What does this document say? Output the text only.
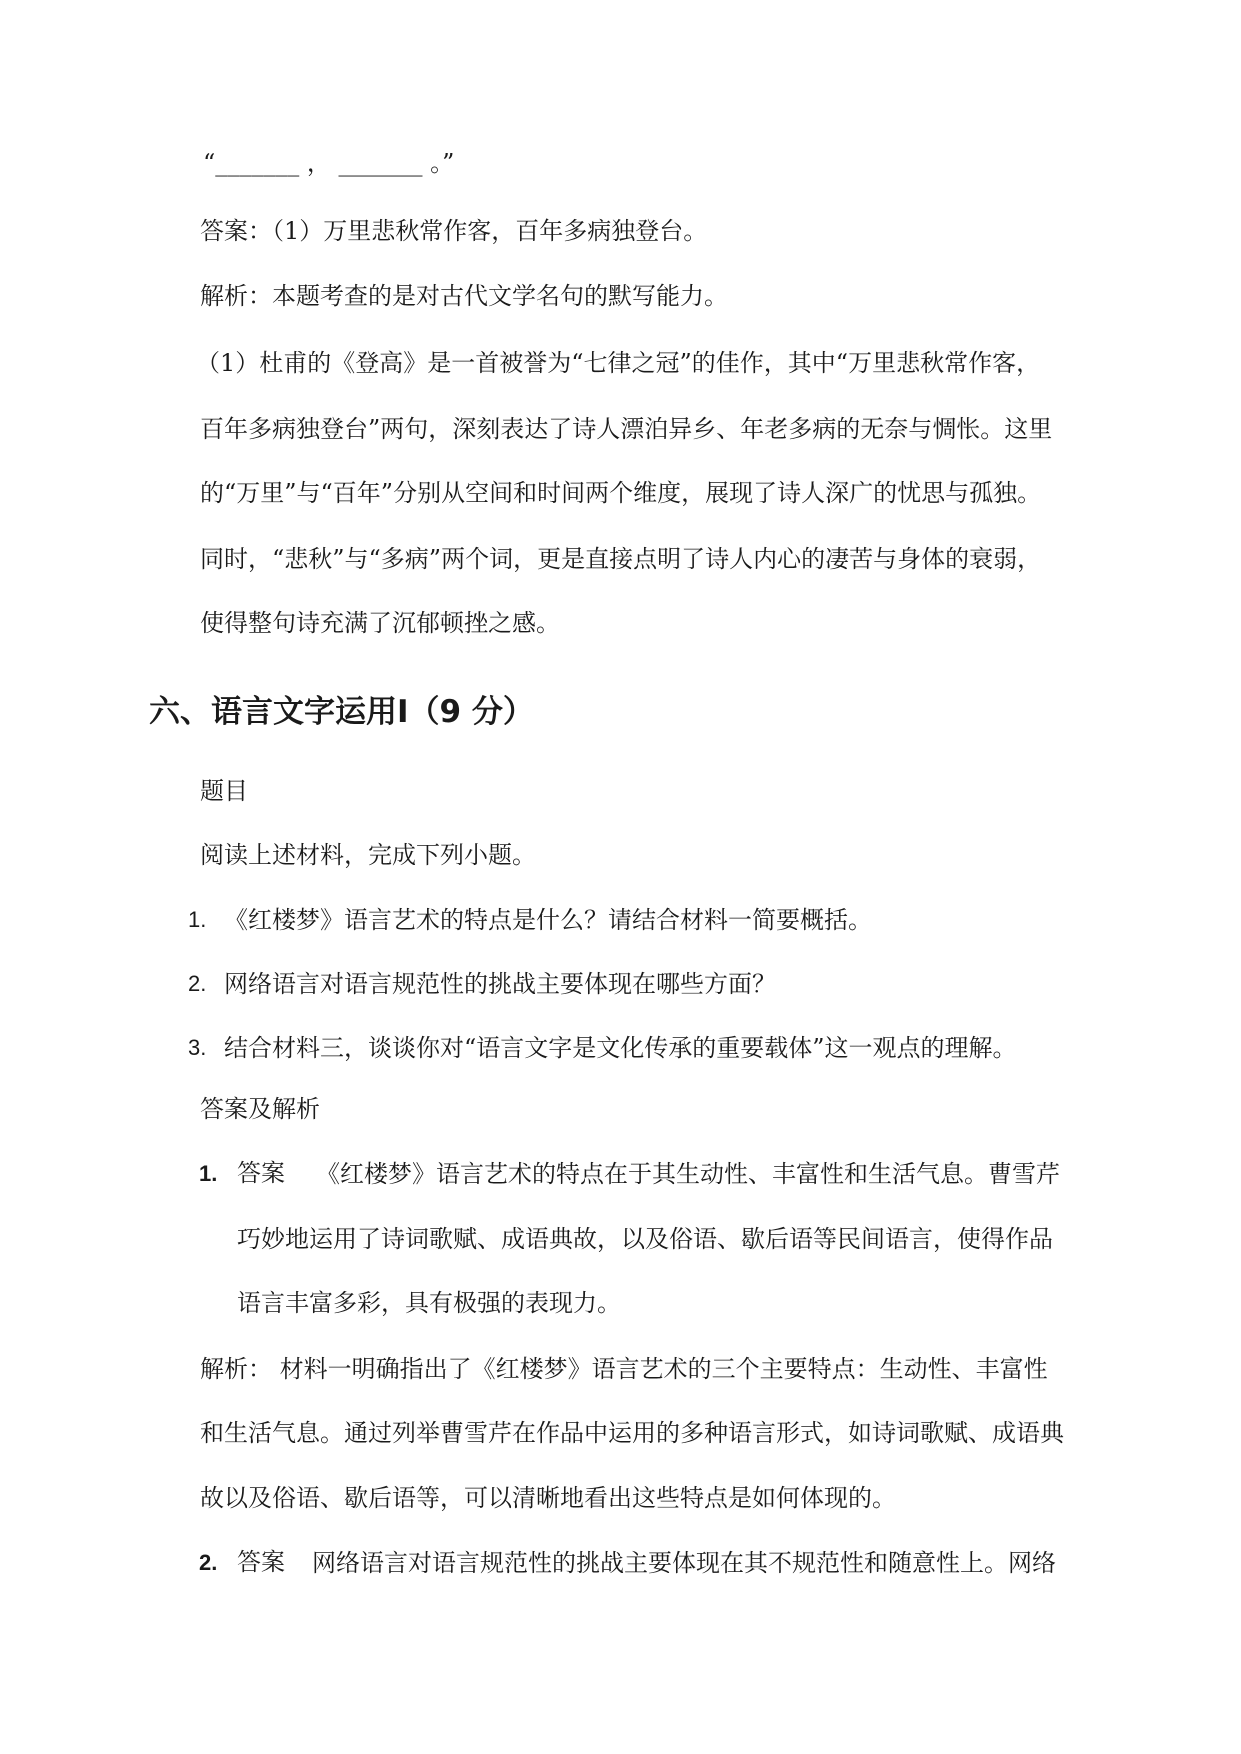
“_______ ， _______ 。”
答案：（1）万里悲秋常作客，百年多病独登台。
解析：本题考查的是对古代文学名句的默写能力。
（1）杜甫的《登高》是一首被誉为“七律之冠”的佳作，其中“万里悲秋常作客，
百年多病独登台”两句，深刻表达了诗人漂泊异乡、年老多病的无奈与惆怅。这里
的“万里”与“百年”分别从空间和时间两个维度，展现了诗人深广的忧思与孤独。
同时，“悲秋”与“多病”两个词，更是直接点明了诗人内心的凄苦与身体的衰弱，
使得整句诗充满了沉郁顿挫之感。
六、语言文字运用Ⅰ（9 分）
题目
阅读上述材料，完成下列小题。
1. 《红楼梦》语言艺术的特点是什么？请结合材料一简要概括。
2. 网络语言对语言规范性的挑战主要体现在哪些方面？
3. 结合材料三，谈谈你对“语言文字是文化传承的重要载体”这一观点的理解。
答案及解析
1. 答案 《红楼梦》语言艺术的特点在于其生动性、丰富性和生活气息。曹雪芹
巧妙地运用了诗词歌赋、成语典故，以及俗语、歇后语等民间语言，使得作品
语言丰富多彩，具有极强的表现力。
解析： 材料一明确指出了《红楼梦》语言艺术的三个主要特点：生动性、丰富性
和生活气息。通过列举曹雪芹在作品中运用的多种语言形式，如诗词歌赋、成语典
故以及俗语、歇后语等，可以清晰地看出这些特点是如何体现的。
2. 答案 网络语言对语言规范性的挑战主要体现在其不规范性和随意性上。网络
